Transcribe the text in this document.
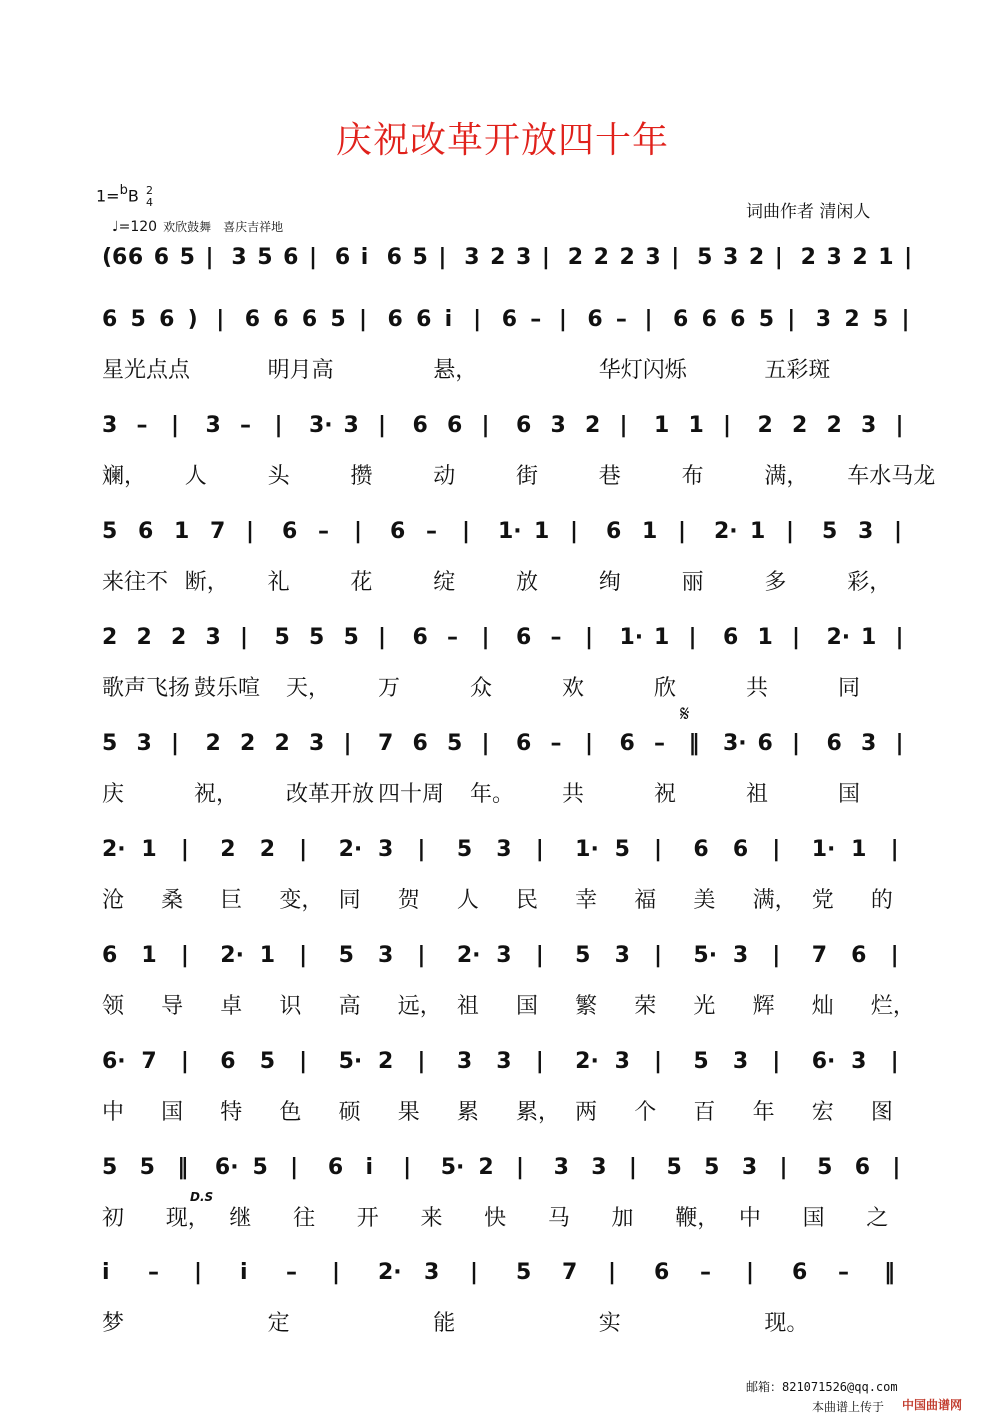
庆祝改革开放四十年
1=$^b$B 2
4
♩=120 欢欣鼓舞　喜庆吉祥地
词曲作者 清闲人
(6 6 6 5 | 3 5 6 | 6 i 6 5 | 3 2 3 | 2 2 2 3 | 5 3 2 | 2 3 2 1 |
6 5 6 ) | 6 6 6 5 | 6 6 i | 6 – | 6 – | 6 6 6 5 | 3 2 5 |
星光点点	明月高	悬，	华灯闪烁	五彩斑
3 – | 3 – | 3· 3 | 6 6 | 6 3 2 | 1 1 | 2 2 2 3 |
斓， 人	头	攒	动	街	巷	布	满， 车水马龙
5 6 1 7 | 6 – | 6 – | 1· 1 | 6 1 | 2· 1 | 5 3 |
来往不 断， 礼	花	绽	放	绚	丽	多	彩，
2 2 2 3 | 5 5 5 | 6 – | 6 – | 1· 1 | 6 1 | 2· 1 |
歌声飞扬 鼓乐喧 天， 万	众	欢	欣	共	同
5 3 | 2 2 2 3 | 7 6 5 | 6 – | 6 – ‖ 3· 6 | 6 3 |
庆	祝， 改革开放 四十周 年。 共	祝	祖	国
2· 1 | 2 2 | 2· 3 | 5 3 | 1· 5 | 6 6 | 1· 1 |
沧 桑 巨 变， 同 贺 人 民 幸 福 美 满， 党 的
6 1 | 2· 1 | 5 3 | 2· 3 | 5 3 | 5· 3 | 7 6 |
领 导 卓 识 高 远， 祖 国 繁 荣 光 辉 灿 烂，
6· 7 | 6 5 | 5· 2 | 3 3 | 2· 3 | 5 3 | 6· 3 |
中 国 特 色 硕 果 累 累， 两 个 百 年 宏 图
5 5 ‖ 6· 5 | 6 i | 5· 2 | 3 3 | 5 5 3 | 5 6 |
初 现， 继 往 开 来 快 马 加 鞭， 中 国 之
i – | i – | 2· 3 | 5 7 | 6 – | 6 – ‖
梦	定	能	实	现。
𝄋
D.S
邮箱：821071526@qq.com
本曲谱上传于 中国曲谱网
